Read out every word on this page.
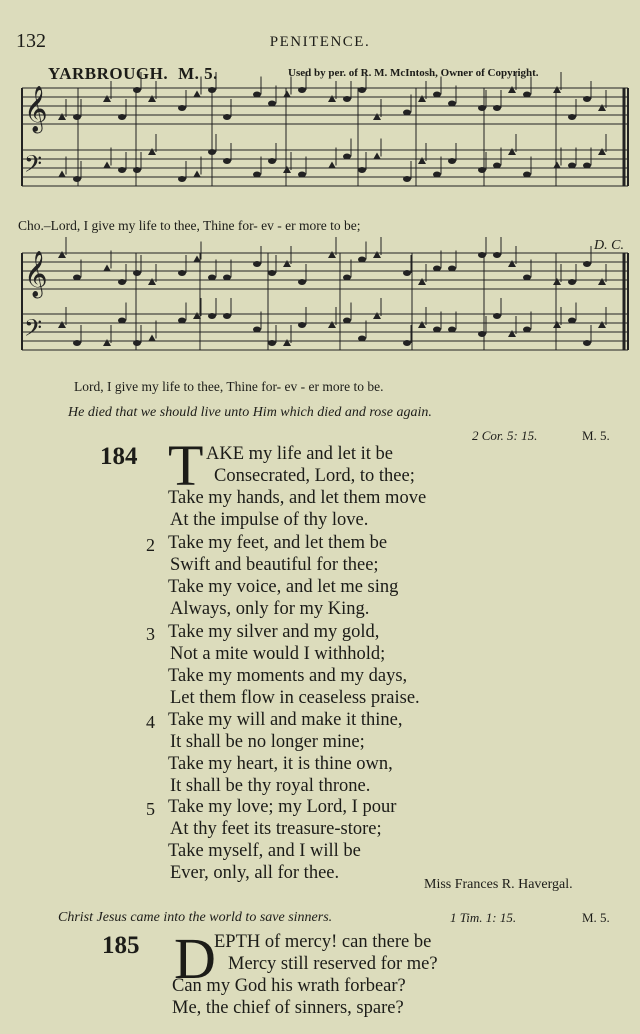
132	PENITENCE.
YARBROUGH. M. 5.	Used by per. of R. M. McIntosh, Owner of Copyright.
𝄞
𝄞
𝄢
𝄢
Cho.–Lord, I give my life to thee, Thine for- ev - er more to be;
D. C.
Lord, I give my life to thee, Thine for- ev - er more to be.
He died that we should live unto Him which died and rose again.
2 Cor. 5: 15.	M. 5.
184 T AKE my life and let it be
Consecrated, Lord, to thee;
Take my hands, and let them move
At the impulse of thy love.
2 Take my feet, and let them be
Swift and beautiful for thee;
Take my voice, and let me sing
Always, only for my King.
3 Take my silver and my gold,
Not a mite would I withhold;
Take my moments and my days,
Let them flow in ceaseless praise.
4 Take my will and make it thine,
It shall be no longer mine;
Take my heart, it is thine own,
It shall be thy royal throne.
5 Take my love; my Lord, I pour
At thy feet its treasure-store;
Take myself, and I will be
Ever, only, all for thee.
Miss Frances R. Havergal.
Christ Jesus came into the world to save sinners.	1 Tim. 1: 15.	M. 5.
185 D
EPTH of mercy! can there be
Mercy still reserved for me?
Can my God his wrath forbear?
Me, the chief of sinners, spare?
